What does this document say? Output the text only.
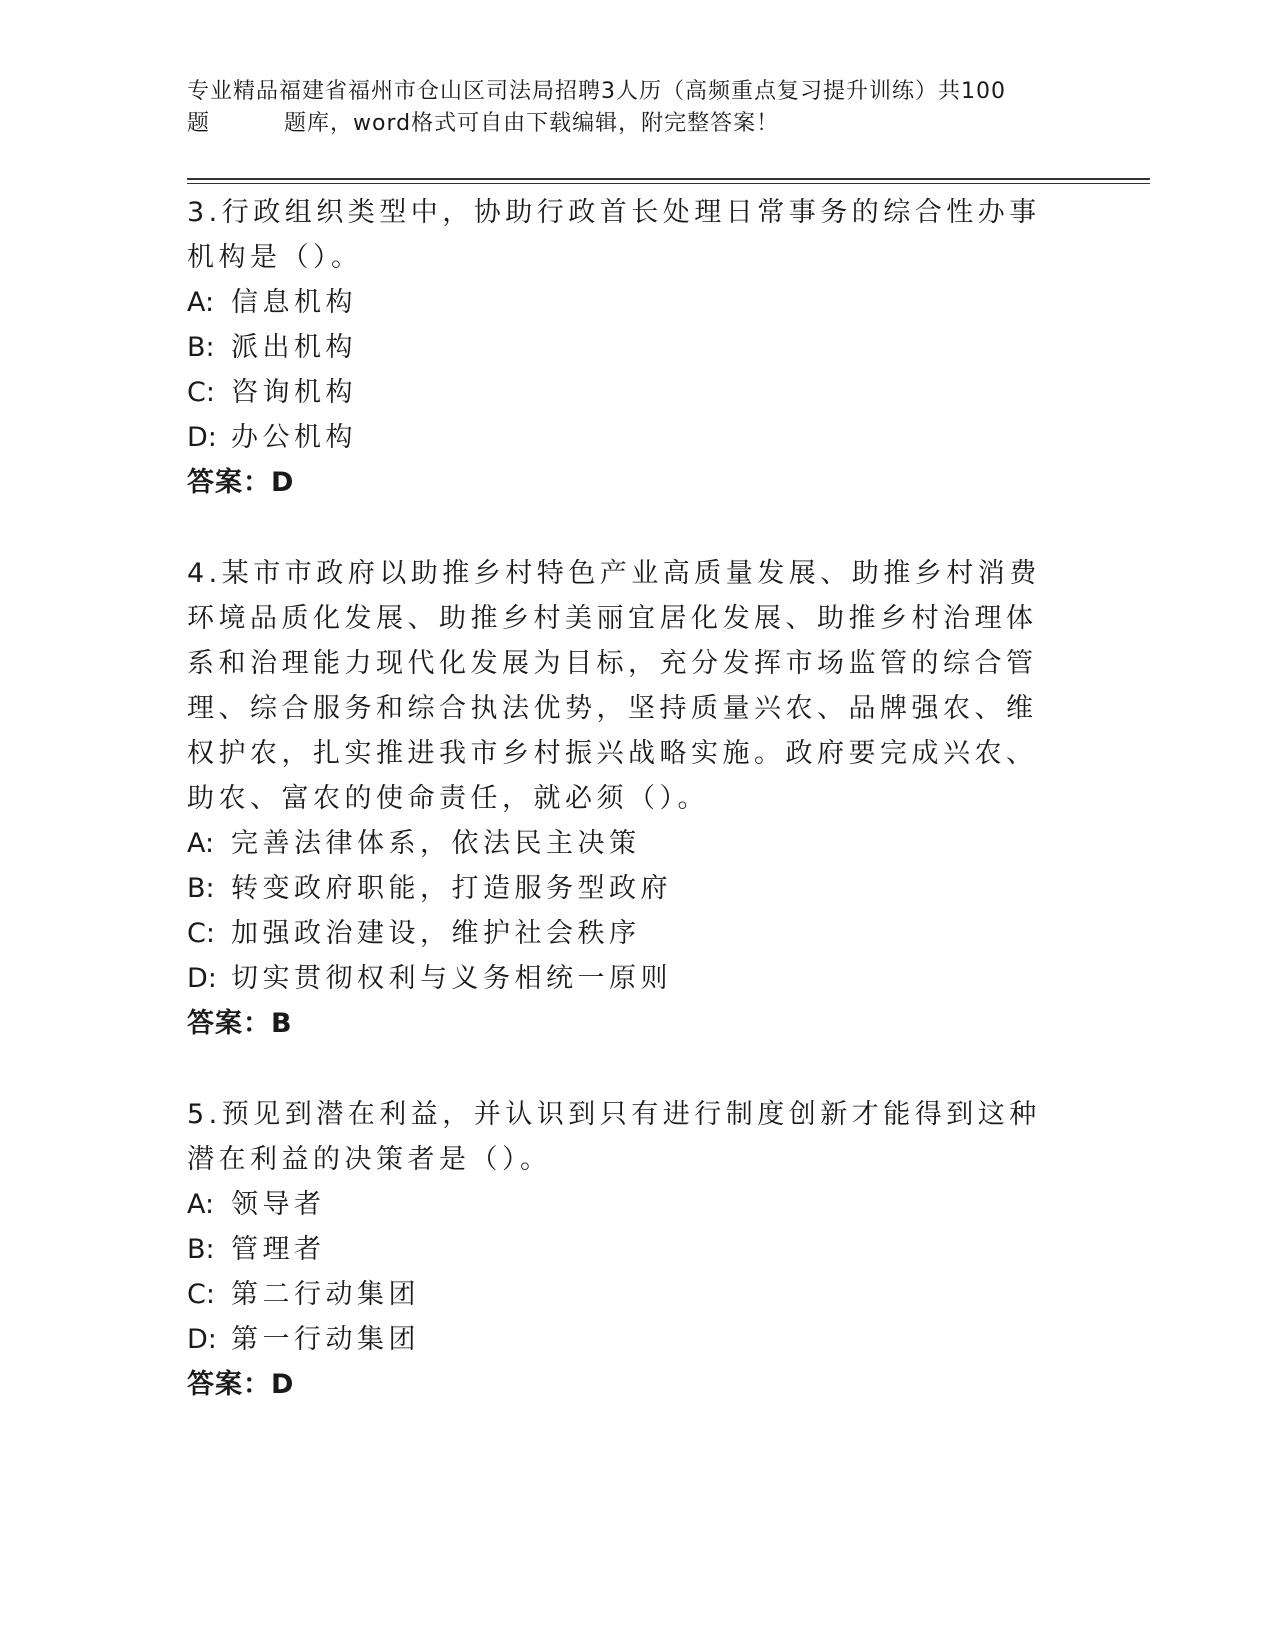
专业精品福建省福州市仓山区司法局招聘3人历（高频重点复习提升训练）共100
题	题库，word格式可自由下载编辑，附完整答案！

3.行政组织类型中，协助行政首长处理日常事务的综合性办事机构是（）。

A: 信息机构

B: 派出机构

C: 咨询机构

D: 办公机构

答案：D

4.某市市政府以助推乡村特色产业高质量发展、助推乡村消费环境品质化发展、助推乡村美丽宜居化发展、助推乡村治理体系和治理能力现代化发展为目标，充分发挥市场监管的综合管理、综合服务和综合执法优势，坚持质量兴农、品牌强农、维权护农，扎实推进我市乡村振兴战略实施。政府要完成兴农、助农、富农的使命责任，就必须（）。

A: 完善法律体系，依法民主决策

B: 转变政府职能，打造服务型政府

C: 加强政治建设，维护社会秩序

D: 切实贯彻权利与义务相统一原则

答案：B

5.预见到潜在利益，并认识到只有进行制度创新才能得到这种潜在利益的决策者是（）。

A: 领导者

B: 管理者

C: 第二行动集团

D: 第一行动集团

答案：D
